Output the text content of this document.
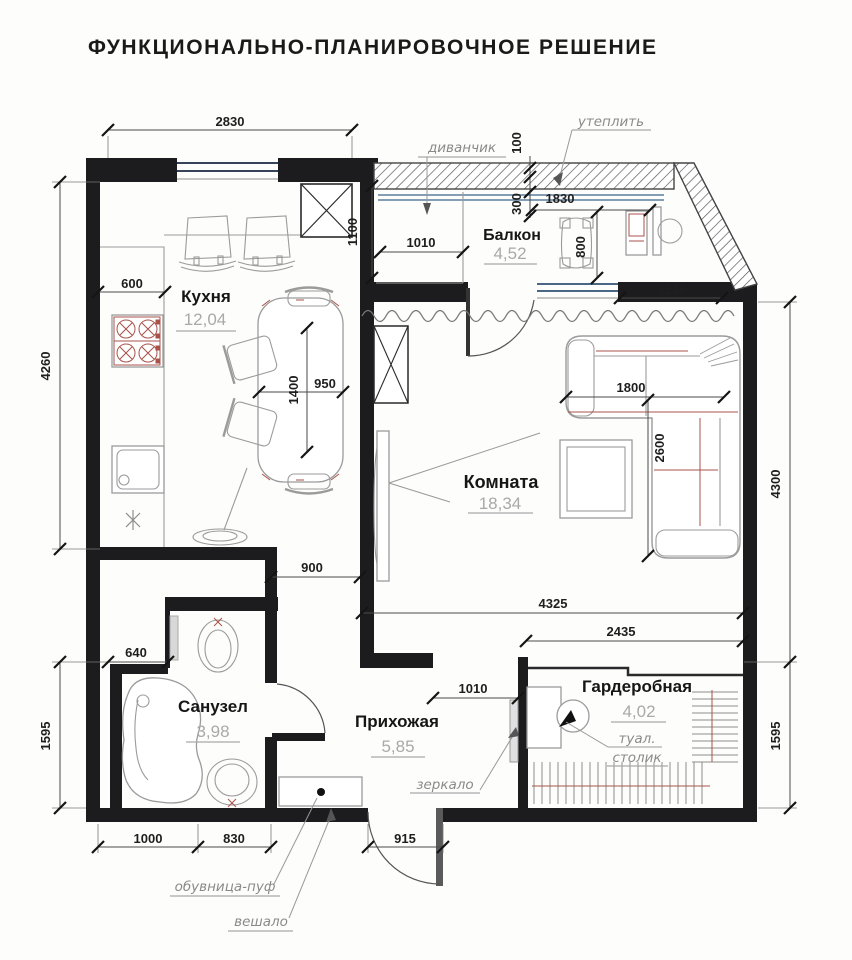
ФУНКЦИОНАЛЬНО-ПЛАНИРОВОЧНОЕ РЕШЕНИЕ
Кухня
12,04
Балкон
4,52
Комната
18,34
Санузел
3,98
Прихожая
5,85
Гардеробная
4,02
2830
600
4260
1100	1010
100
300 1830
800
1145
1800
2600
4300
900
4325
2435
1010
640
1595	1595
1000	830	915
1400 950
диванчик
утеплить
зеркало
туал.
столик
обувница-пуф
вешало
